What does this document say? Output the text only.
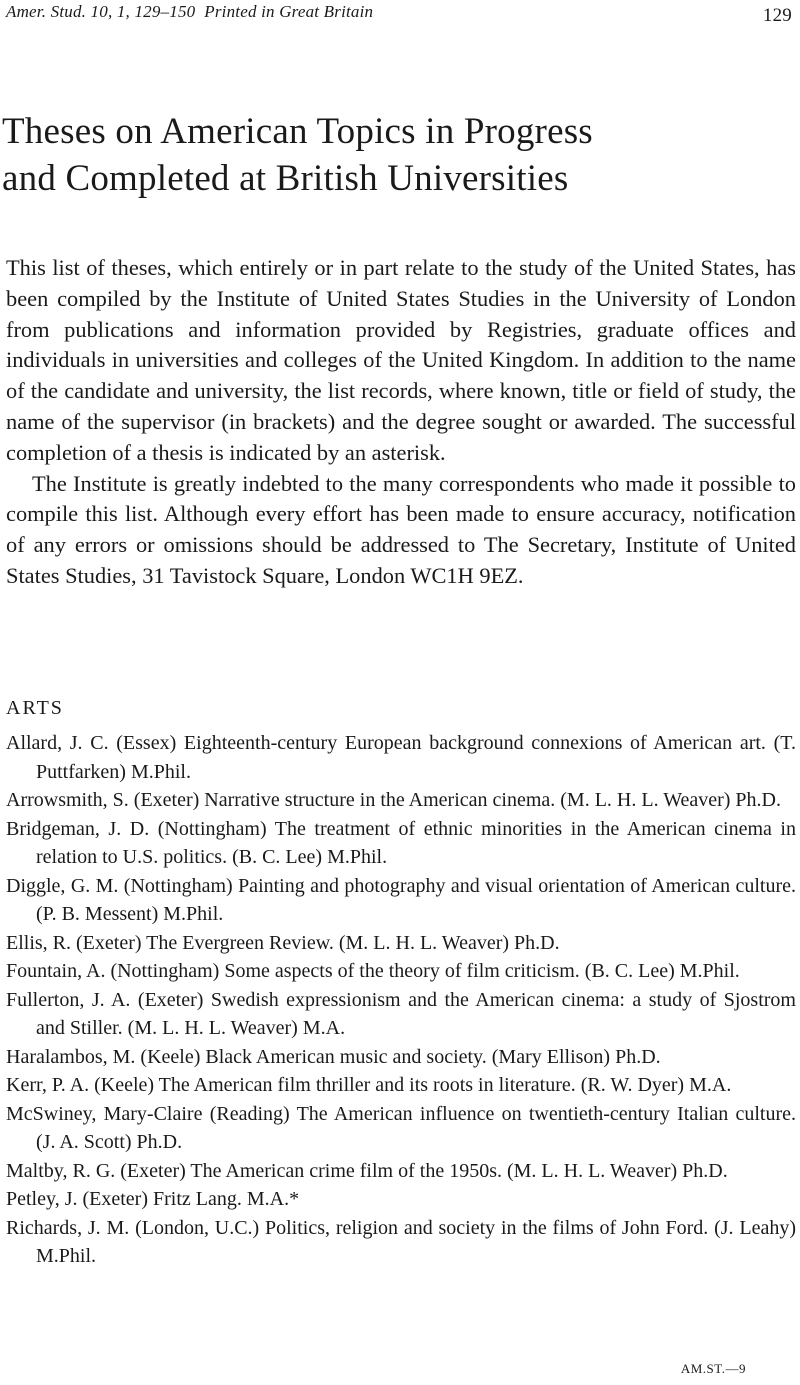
Amer. Stud. 10, 1, 129–150 Printed in Great Britain	129
Theses on American Topics in Progress
and Completed at British Universities

This list of theses, which entirely or in part relate to the study of the United States, has been compiled by the Institute of United States Studies in the University of London from publications and information provided by Registries, graduate offices and individuals in universities and colleges of the United Kingdom. In addition to the name of the candidate and university, the list records, where known, title or field of study, the name of the supervisor (in brackets) and the degree sought or awarded. The successful completion of a thesis is indicated by an asterisk.

The Institute is greatly indebted to the many correspondents who made it possible to compile this list. Although every effort has been made to ensure accuracy, notification of any errors or omissions should be addressed to The Secretary, Institute of United States Studies, 31 Tavistock Square, London WC1H 9EZ.

ARTS
Allard, J. C. (Essex) Eighteenth-century European background connexions of American art. (T. Puttfarken) M.Phil.
Arrowsmith, S. (Exeter) Narrative structure in the American cinema. (M. L. H. L. Weaver) Ph.D.
Bridgeman, J. D. (Nottingham) The treatment of ethnic minorities in the American cinema in relation to U.S. politics. (B. C. Lee) M.Phil.
Diggle, G. M. (Nottingham) Painting and photography and visual orientation of American culture. (P. B. Messent) M.Phil.
Ellis, R. (Exeter) The Evergreen Review. (M. L. H. L. Weaver) Ph.D.
Fountain, A. (Nottingham) Some aspects of the theory of film criticism. (B. C. Lee) M.Phil.
Fullerton, J. A. (Exeter) Swedish expressionism and the American cinema: a study of Sjostrom and Stiller. (M. L. H. L. Weaver) M.A.
Haralambos, M. (Keele) Black American music and society. (Mary Ellison) Ph.D.
Kerr, P. A. (Keele) The American film thriller and its roots in literature. (R. W. Dyer) M.A.
McSwiney, Mary-Claire (Reading) The American influence on twentieth-century Italian culture. (J. A. Scott) Ph.D.
Maltby, R. G. (Exeter) The American crime film of the 1950s. (M. L. H. L. Weaver) Ph.D.
Petley, J. (Exeter) Fritz Lang. M.A.*
Richards, J. M. (London, U.C.) Politics, religion and society in the films of John Ford. (J. Leahy) M.Phil.
AM.ST.—9
